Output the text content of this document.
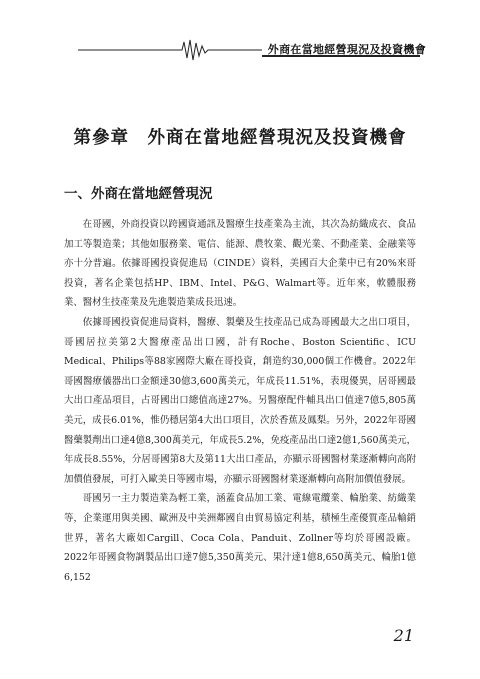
外商在當地經營現況及投資機會
第參章　外商在當地經營現況及投資機會
一、外商在當地經營現況

在哥國，外商投資以跨國資通訊及醫療生技產業為主流，其次為紡織成衣、食品加工等製造業；其他如服務業、電信、能源、農牧業、觀光業、不動產業、金融業等亦十分普遍。依據哥國投資促進局（CINDE）資料，美國百大企業中已有20%來哥投資，著名企業包括HP、IBM、Intel、P&G、Walmart等。近年來，軟體服務業、醫材生技產業及先進製造業成長迅速。

依據哥國投資促進局資料，醫療、製藥及生技產品已成為哥國最大之出口項目，哥國居拉美第2大醫療產品出口國，計有Roche、Boston Scientific、ICU Medical、Philips等88家國際大廠在哥投資，創造約30,000個工作機會。2022年哥國醫療儀器出口金額達30億3,600萬美元，年成長11.51%，表現優異，居哥國最大出口產品項目，占哥國出口總值高達27%。另醫療配件輔具出口值達7億5,805萬美元，成長6.01%，惟仍穩居第4大出口項目，次於香蕉及鳳梨。另外，2022年哥國醫藥製劑出口達4億8,300萬美元，年成長5.2%，免疫產品出口達2億1,560萬美元，年成長8.55%，分居哥國第8大及第11大出口產品，亦顯示哥國醫材業逐漸轉向高附加價值發展，可打入歐美日等國市場，亦顯示哥國醫材業逐漸轉向高附加價值發展。

哥國另一主力製造業為輕工業，涵蓋食品加工業、電線電纜業、輪胎業、紡織業等，企業運用與美國、歐洲及中美洲鄰國自由貿易協定利基，積極生產優質產品輸銷世界，著名大廠如Cargill、Coca Cola、Panduit、Zollner等均於哥國設廠。2022年哥國食物調製品出口達7億5,350萬美元、果汁達1億8,650萬美元、輪胎1億6,152

21
